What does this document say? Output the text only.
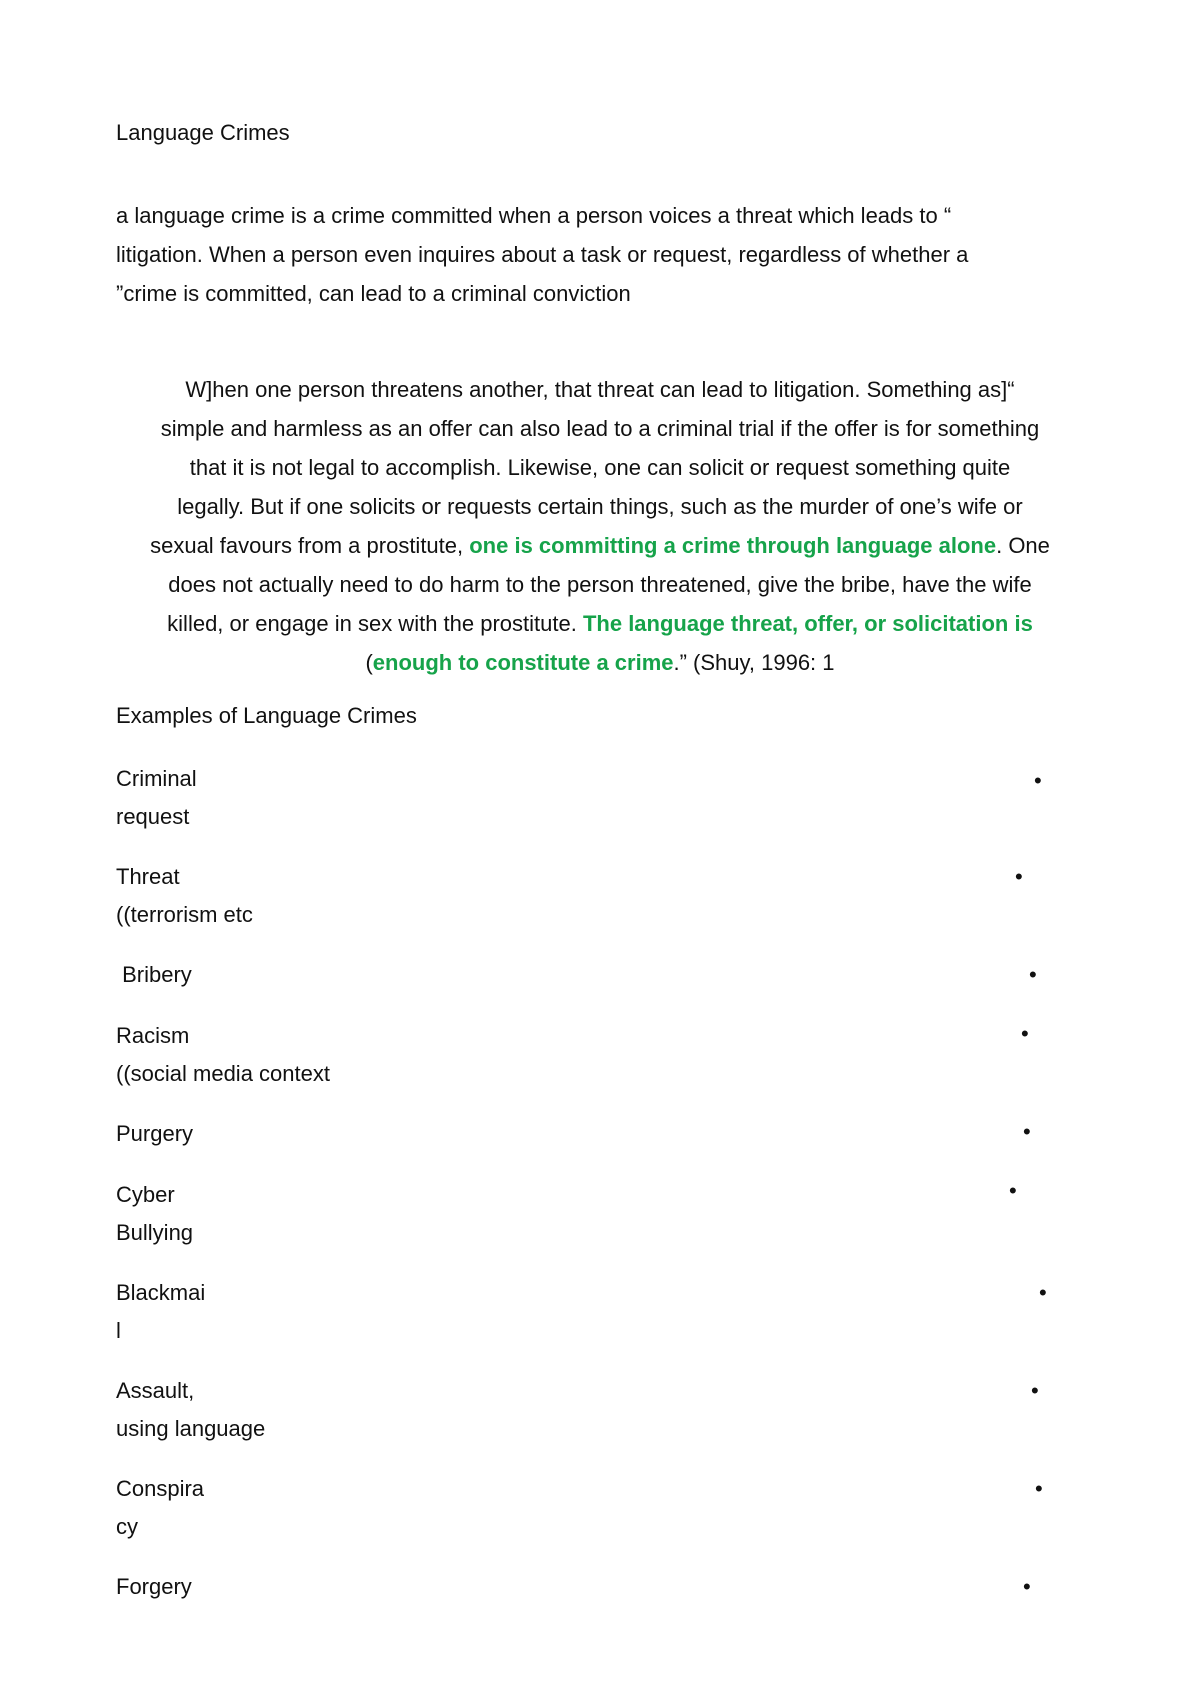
Language Crimes
a language crime is a crime committed when a person voices a threat which leads to “
litigation. When a person even inquires about a task or request, regardless of whether a
”crime is committed, can lead to a criminal conviction
W]hen one person threatens another, that threat can lead to litigation. Something as]“
simple and harmless as an offer can also lead to a criminal trial if the offer is for something
that it is not legal to accomplish. Likewise, one can solicit or request something quite
legally. But if one solicits or requests certain things, such as the murder of one’s wife or
sexual favours from a prostitute, one is committing a crime through language alone. One
does not actually need to do harm to the person threatened, give the bribe, have the wife
killed, or engage in sex with the prostitute. The language threat, offer, or solicitation is
(enough to constitute a crime.” (Shuy, 1996: 1
Examples of Language Crimes
Criminal
request
•
Threat
((terrorism etc
•
Bribery	•
Racism
((social media context
•
Purgery	•
Cyber
Bullying
•
Blackmai
l
•
Assault,
using language
•
Conspira
cy
•
Forgery	•
